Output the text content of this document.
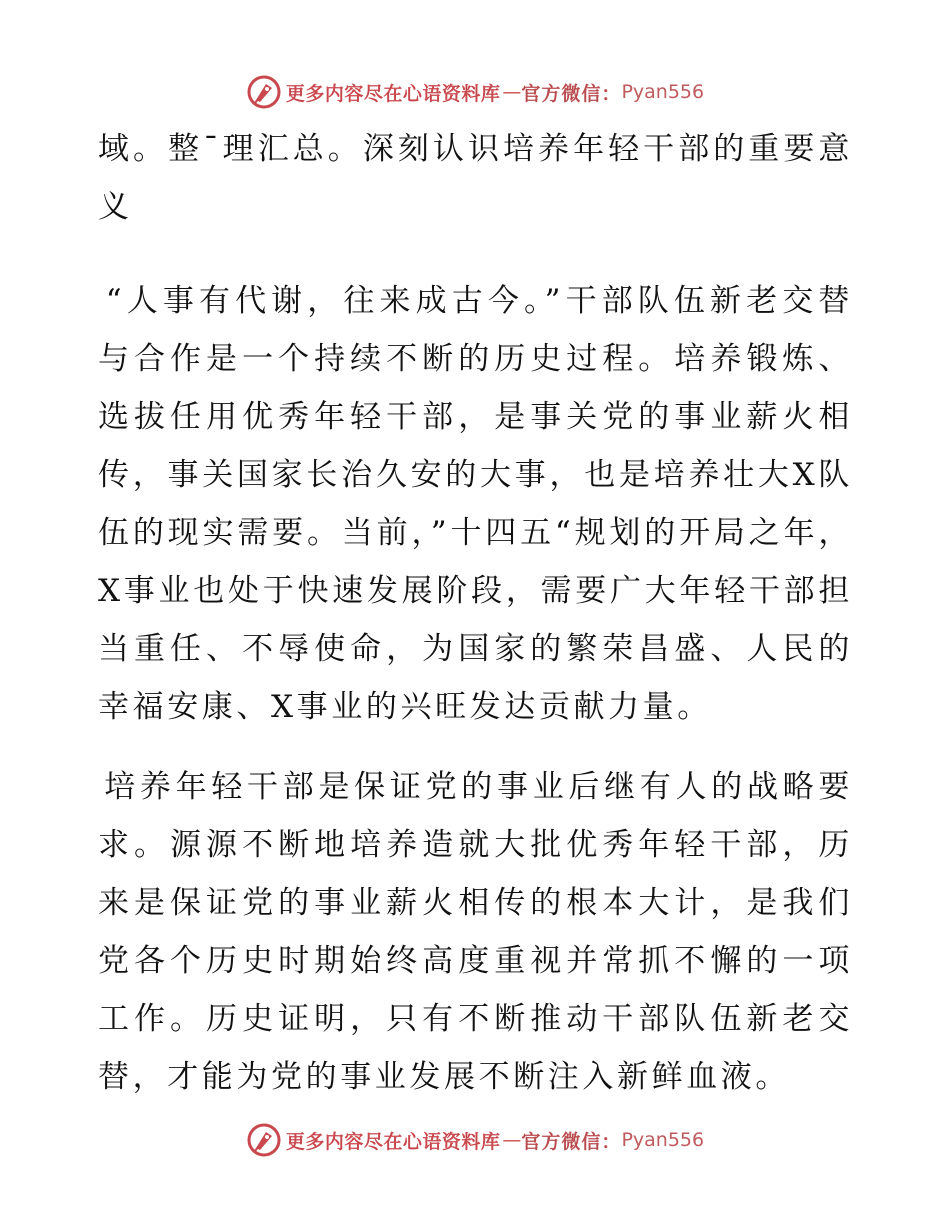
更多内容尽在心语资料库 — 官方微信： Pyan556

域。整¯理汇总。深刻认识培养年轻干部的重要意义

“人事有代谢，往来成古今。”干部队伍新老交替与合作是一个持续不断的历史过程。培养锻炼、选拔任用优秀年轻干部，是事关党的事业薪火相传，事关国家长治久安的大事，也是培养壮大X队伍的现实需要。当前，”十四五“规划的开局之年，X事业也处于快速发展阶段，需要广大年轻干部担当重任、不辱使命，为国家的繁荣昌盛、人民的幸福安康、X事业的兴旺发达贡献力量。

培养年轻干部是保证党的事业后继有人的战略要求。源源不断地培养造就大批优秀年轻干部，历来是保证党的事业薪火相传的根本大计，是我们党各个历史时期始终高度重视并常抓不懈的一项工作。历史证明，只有不断推动干部队伍新老交替，才能为党的事业发展不断注入新鲜血液。

更多内容尽在心语资料库 — 官方微信： Pyan556
